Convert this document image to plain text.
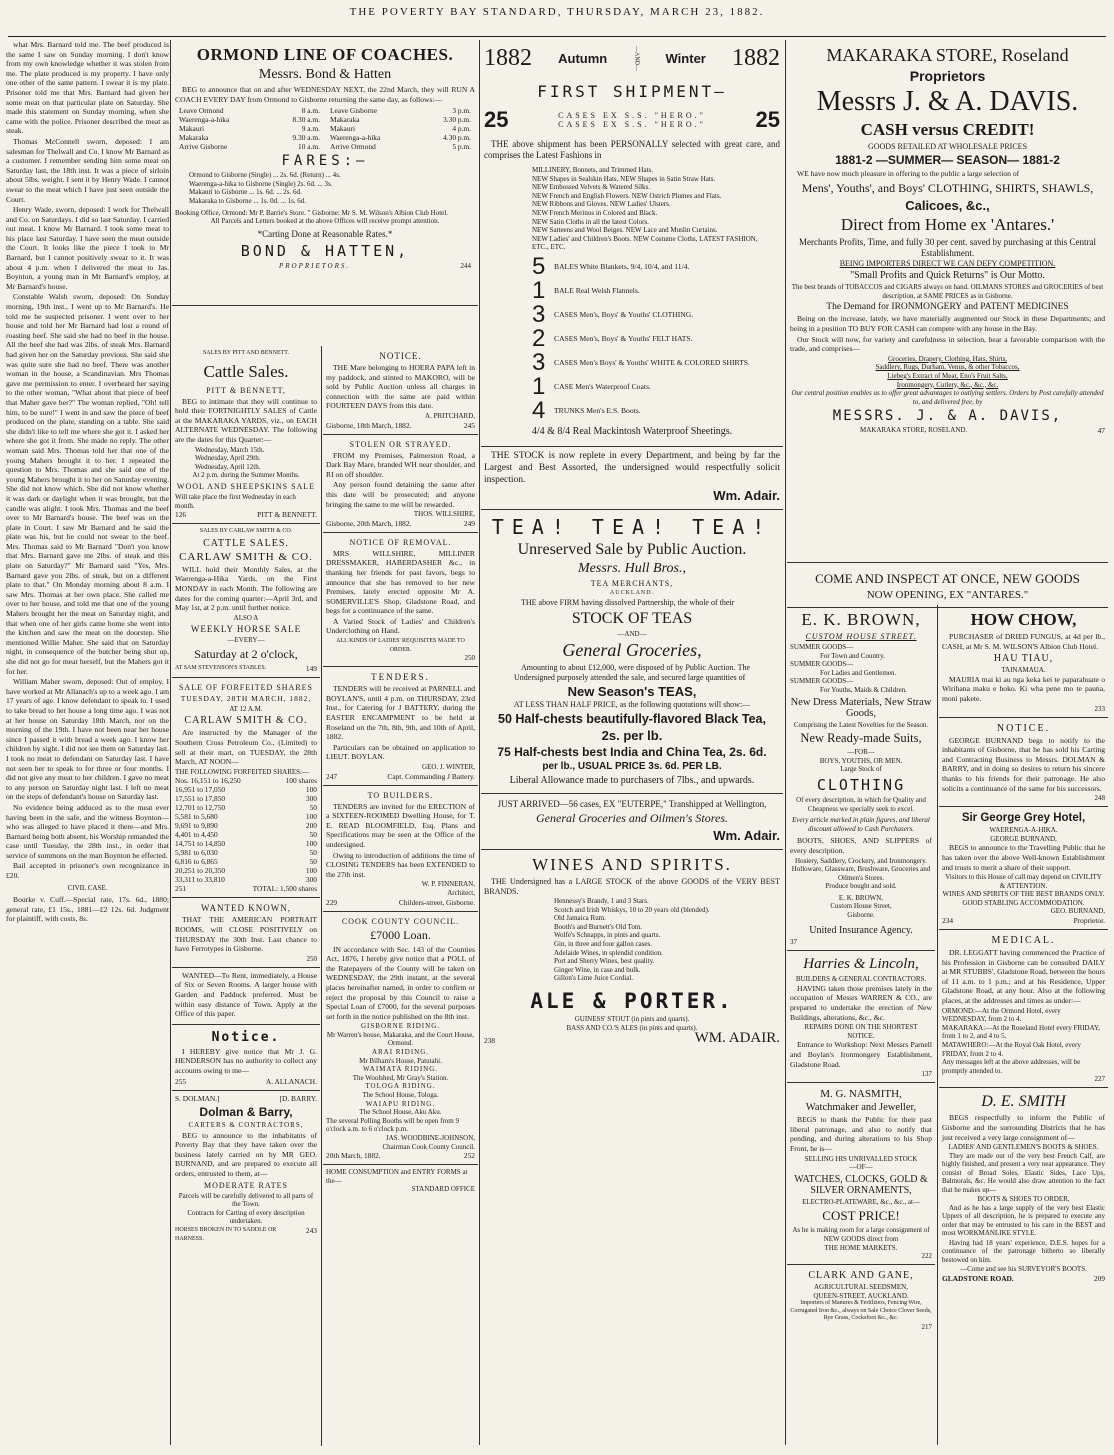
THE POVERTY BAY STANDARD, THURSDAY, MARCH 23, 1882.

what Mrs. Barnard told me. The beef produced is the same I saw on Sunday morning. I don't know from my own knowledge whether it was stolen from me. The plate produced is my property. I have only one other of the same pattern. I swear it is my plate. Prisoner told me that Mrs. Barnard had given her some meat on that particular plate on Saturday. She made this statement on Sunday morning, when she came with the police. Prisoner described the meat as steak.

Thomas McConnell sworn, deposed: I am salesman for Thelwall and Co. I know Mr Barnard as a customer. I remember sending him some meat on Saturday last, the 18th inst. It was a piece of sirloin about 5lbs. weight. I sent it by Henry Wade. I cannot swear to the meat which I have just seen outside the Court.

Henry Wade, sworn, deposed: I work for Thelwall and Co. on Saturdays. I did so last Saturday. I carried out meat. I know Mr Barnard. I took some meat to his place last Saturday. I have seen the meat outside the Court. It looks like the piece I took to Mr Barnard, but I cannot positively swear to it. It was about 4 p.m. when I delivered the meat to Jas. Boynton, a young man in Mr Barnard's employ, at Mr Barnard's house.

Constable Walsh sworn, deposed: On Sunday morning, 19th inst., I went up to Mr Barnard's. He told me he suspected prisoner. I went over to her house and told her Mr Barnard had lost a round of roasting beef. She said she had no beef in the house. All the beef she had was 2lbs. of steak Mrs. Barnard had given her on the Saturday previous. She said she was quite sure she had no beef. There was another woman in the house, a Scandinavian. Mrs Thomas gave me permission to enter. I overheard her saying to the other woman, "What about that piece of beef that Maher gave her?" The woman replied, "Oh! tell him, to be sure!" I went in and saw the piece of beef produced on the plate, standing on a table. She said she didn't like to tell me where she got it. I asked her where she got it from. She made no reply. The other woman said Mrs. Thomas told her that one of the young Mahers brought it to her. I repeated the question to Mrs. Thomas and she said one of the young Mahers brought it to her on Saturday evening. She did not know which. She did not know whether it was dark or daylight when it was brought, but the candle was alight. I took Mrs. Thomas and the beef over to Mr Barnard's house. The beef was on the plate in Court. I saw Mr Barnard and he said the plate was his, but he could not swear to the beef. Mrs. Thomas said to Mr Barnard "Don't you know that Mrs. Barnard gave me 2lbs. of steak and this plate on Saturday?" Mr Barnard said "Yes, Mrs. Barnard gave you 2lbs. of steak, but on a different plate to that." On Monday morning about 8 a.m. I saw Mrs. Thomas at her own place. She called me over to her house, and told me that one of the young Mahers brought her the meat on Saturday night, and that when one of her girls came home she went into the kitchen and saw the meat on the doorstep. She mentioned Willie Maher. She said that on Saturday night, in consequence of the butcher being shut up, she did not go for meat herself, but the Mahers got it for her.

William Maher sworn, deposed: Out of employ. I have worked at Mr Allanach's up to a week ago. I am 17 years of age. I know defendant to speak to. I used to take bread to her house a long time ago. I was not at her house on Saturday 18th March, nor on the morning of the 19th. I have not been near her house since I passed it with bread a week ago. I know her children by sight. I did not see them on Saturday last. I took no meat to defendant on Saturday last. I have not seen her to speak to for three or four months. I did not give any meat to her children. I gave no meat to any person on Saturday night last. I left no meat on the steps of defendant's house on Saturday last.

No evidence being adduced as to the meat ever having been in the safe, and the witness Boynton—who was alleged to have placed it there—and Mrs. Barnard being both absent, his Worship remanded the case until Tuesday, the 28th inst., in order that service of summons on the man Boynton be effected.

Bail accepted in prisoner's own recognizance in £20.

CIVIL CASE.

Bourke v. Cuff.—Special rate, 17s. 6d., 1880; general rate, £1 15s., 1881—£2 12s. 6d. Judgment for plaintiff, with costs, 8s.

ORMOND LINE OF COACHES.
Messrs. Bond & Hatten

BEG to announce that on and after WEDNESDAY NEXT, the 22nd March, they will RUN A COACH EVERY DAY from Ormond to Gisborne returning the same day, as follows:—

Leave Ormond	8 a.m.
Waerenga-a-hika	8.30 a.m.
Makauri	9 a.m.
Makaraka	9.30 a.m.
Arrive Gisborne	10 a.m.
Leave Gisborne	3 p.m.
Makaraka	3.30 p.m.
Makauri	4 p.m.
Waerenga-a-hika	4.30 p.m.
Arrive Ormond	5 p.m.
FARES:—

Ormond to Gisborne (Single) ... 2s. 6d. (Return) ... 4s.

Waerenga-a-hika to Gisborne (Single) 2s. 6d. ... 3s.

Makauri to Gisborne ... 1s. 6d. ... 2s. 6d.

Makaraka to Gisborne ... 1s. 0d. ... 1s. 6d.

Booking Office, Ormond: Mr P. Barrie's Store. " Gisborne: Mr S. M. Wilson's Albion Club Hotel.

All Parcels and Letters booked at the above Offices will receive prompt attention.

*Carting Done at Reasonable Rates.*

BOND & HATTEN,
PROPRIETORS.	244

SALES BY PITT AND BENNETT.

Cattle Sales.
PITT & BENNETT,

BEG to intimate that they will continue to hold their FORTNIGHTLY SALES of Cattle at the MAKARAKA YARDS, viz., on EACH ALTERNATE WEDNESDAY. The following are the dates for this Quarter:—

Wednesday, March 15th.

Wednesday, April 29th.

Wednesday, April 12th.

At 2 p.m. during the Summer Months.

WOOL AND SHEEPSKINS SALE

Will take place the first Wednesday in each month.

126	PITT & BENNETT.

SALES BY CARLAW SMITH & CO.

CATTLE SALES.
CARLAW SMITH & CO.

WILL hold their Monthly Sales, at the Waerenga-a-Hika Yards, on the First MONDAY in each Month. The following are dates for the coming quarter:—April 3rd, and May 1st, at 2 p.m. until further notice.

ALSO A

WEEKLY HORSE SALE

—EVERY—

Saturday at 2 o'clock,
AT SAM STEVENSON'S STABLES.	149
SALE OF FORFEITED SHARES
TUESDAY, 28TH MARCH, 1882,

AT 12 A.M.

CARLAW SMITH & CO.

Are instructed by the Manager of the Southern Cross Petroleum Co., (Limited) to sell at their mart, on TUESDAY, the 28th March, AT NOON—

THE FOLLOWING FORFEITED SHARES:—

Nos. 16,151 to 16,250	100 shares
16,951 to 17,050	100
17,551 to 17,850	300
12,701 to 12,750	50
5,581 to 5,680	100
9,691 to 9,890	200
4,401 to 4,450	50
14,751 to 14,850	100
5,981 to 6,030	50
6,816 to 6,865	50
20,251 to 20,350	100
33,311 to 33,810	300
251	TOTAL: 1,500 shares
WANTED KNOWN,

THAT THE AMERICAN PORTRAIT ROOMS, will CLOSE POSITIVELY on THURSDAY the 30th Inst. Last chance to have Ferrotypes in Gisborne.

250

WANTED—To Rent, immediately, a House of Six or Seven Rooms. A larger house with Garden and Paddock preferred. Must be within easy distance of Town. Apply at the Office of this paper.

Notice.

I HEREBY give notice that Mr J. G. HENDERSON has no authority to collect any accounts owing to me—

255	A. ALLANACH.
S. DOLMAN.]	[D. BARRY.
Dolman & Barry,
CARTERS & CONTRACTORS,

BEG to announce to the inhabitants of Poverty Bay that they have taken over the business lately carried on by MR GEO. BURNAND, and are prepared to execute all orders, entrusted to them, at—

MODERATE RATES

Parcels will be carefully delivered to all parts of the Town.

Contracts for Carting of every description undertaken.

HORSES BROKEN IN TO SADDLE OR HARNESS.
243
NOTICE.

THE Mare belonging to HOERA PAPA left in my paddock, and stinted to MAKORO, will be sold by Public Auction unless all charges in connection with the same are paid within FOURTEEN DAYS from this date.

A. PRITCHARD,

Gisborne, 18th March, 1882.	245
STOLEN OR STRAYED.

FROM my Premises, Palmerston Road, a Dark Bay Mare, branded WH near shoulder, and RI on off shoulder.

Any person found detaining the same after this date will be prosecuted; and anyone bringing the same to me will be rewarded.

THOS. WILLSHIRE,

Gisborne, 20th March, 1882.	249
NOTICE OF REMOVAL.

MRS WILLSHIRE, MILLINER DRESSMAKER, HABERDASHER &c., in thanking her friends for past favors, begs to announce that she has removed to her new Premises, lately erected opposite Mr A. SOMERVILLE'S Shop, Gladstone Road, and begs for a continuance of the same.

A Varied Stock of Ladies' and Children's Underclothing on Hand.

ALL KINDS OF LADIES' REQUISITES MADE TO ORDER.

250

TENDERS.

TENDERS will be received at PARNELL and BOYLAN'S, until 4 p.m. on THURSDAY, 23rd Inst., for Catering for J BATTERY, during the EASTER ENCAMPMENT to be held at Roseland on the 7th, 8th, 9th, and 10th of April, 1882.

Particulars can be obtained on application to LIEUT. BOYLAN.

GEO. J. WINTER,

247	Capt. Commanding J Battery.
TO BUILDERS.

TENDERS are invited for the ERECTION of a SIXTEEN-ROOMED Dwelling House, for T. E. READ BLOOMFIELD, Esq. Plans and Specifications may be seen at the Office of the undersigned.

Owing to introduction of additions the time of CLOSING TENDERS has been EXTENDED to the 27th inst.

W. P. FINNERAN,

Architect,

229	Childers-street, Gisborne.
COOK COUNTY COUNCIL.
£7000 Loan.

IN accordance with Sec. 143 of the Counties Act, 1876, I hereby give notice that a POLL of the Ratepayers of the County will be taken on WEDNESDAY, the 29th instant, at the several places hereinafter named, in order to confirm or reject the proposal by this Council to raise a Special Loan of £7000, for the several purposes set forth in the notice published on the 8th inst.

GISBORNE RIDING.

Mr Warren's house, Makaraka, and the Court House, Ormond.

ARAI RIDING.

Mr Bilham's House, Patutahi.

WAIMATA RIDING.

The Woolshed, Mr Gray's Station.

TOLOGA RIDING.

The School House, Tologa.

WAIAPU RIDING.

The School House, Aku Aku.

The several Polling Booths will be open from 9 o'clock a.m. to 6 o'clock p.m.

JAS. WOODBINE-JOHNSON,

Chairman Cook County Council.

20th March, 1882.	252

HOME CONSUMPTION and ENTRY FORMS at the—

STANDARD OFFICE

1882 Autumn	—AND— Winter 1882
FIRST SHIPMENT—
25	CASES EX S.S. "HERO."
CASES EX S.S. "HERO." 25

THE above shipment has been PERSONALLY selected with great care, and comprises the Latest Fashions in

MILLINERY, Bonnets, and Trimmed Hats.

NEW Shapes in Sealskin Hats. NEW Shapes in Satin Straw Hats.

NEW Embossed Velvets & Watered Silks.

NEW French and English Flowers. NEW Ostrich Plumes and Flats.

NEW Ribbons and Gloves. NEW Ladies' Ulsters.

NEW French Merinos in Colored and Black.

NEW Satin Cloths in all the latest Colors.

NEW Satteens and Wool Beiges. NEW Lace and Muslin Curtains.

NEW Ladies' and Children's Boots. NEW Costume Cloths, LATEST FASHION, ETC., ETC.

5	BALES White Blankets, 9/4, 10/4, and 11/4.
1	BALE Real Welsh Flannels.
3	CASES Men's, Boys' & Youths' CLOTHING.
2	CASES Men's, Boys' & Youths' FELT HATS.
3	CASES Men's Boys' & Youths' WHITE & COLORED SHIRTS.
1	CASE Men's Waterproof Coats.
4	TRUNKS Men's E.S. Boots.

4/4 & 8/4 Real Mackintosh Waterproof Sheetings.

THE STOCK is now replete in every Department, and being by far the Largest and Best Assorted, the undersigned would respectfully solicit inspection.

Wm. Adair.

TEA! TEA! TEA!
Unreserved Sale by Public Auction.
Messrs. Hull Bros.,
TEA MERCHANTS,
AUCKLAND.

THE above FIRM having dissolved Partnership, the whole of their

STOCK OF TEAS

—AND—

General Groceries,

Amounting to about £12,000, were disposed of by Public Auction. The Undersigned purposely attended the sale, and secured large quantities of

New Season's TEAS,

AT LESS THAN HALF PRICE, as the following quotations will show:—

50 Half-chests beautifully-flavored Black Tea,
2s. per lb.
75 Half-chests best India and China Tea, 2s. 6d.
per lb., USUAL PRICE 3s. 6d. PER LB.

Liberal Allowance made to purchasers of 7lbs., and upwards.

JUST ARRIVED—56 cases, EX "EUTERPE," Transhipped at Wellington,

General Groceries and Oilmen's Stores.

Wm. Adair.

WINES AND SPIRITS.

THE Undersigned has a LARGE STOCK of the above GOODS of the VERY BEST BRANDS.

Hennessy's Brandy, 1 and 3 Stars.

Scotch and Irish Whiskys, 10 to 20 years old (blended).

Old Jamaica Rum.

Booth's and Burnett's Old Tom.

Wolfe's Schnapps, in pints and quarts.

Gin, in three and four gallon cases.

Adelaide Wines, in splendid condition.

Port and Sherry Wines, best quality.

Ginger Wine, in case and bulk.

Gillon's Lime Juice Cordial.

ALE & PORTER.

GUINESS' STOUT (in pints and quarts).

BASS AND CO.'S ALES (in pints and quarts).

238	WM. ADAIR.
MAKARAKA STORE, Roseland
Proprietors
Messrs J. & A. DAVIS.
CASH versus CREDIT!

GOODS RETAILED AT WHOLESALE PRICES

1881-2 —SUMMER— SEASON— 1881-2

WE have now much pleasure in offering to the public a large selection of

Mens', Youths', and Boys' CLOTHING, SHIRTS, SHAWLS,
Calicoes, &c.,
Direct from Home ex 'Antares.'

Merchants Profits, Time, and fully 30 per cent. saved by purchasing at this Central Establishment.

BEING IMPORTERS DIRECT WE CAN DEFY COMPETITION.

"Small Profits and Quick Returns" is Our Motto.

The best brands of TOBACCOS and CIGARS always on hand. OILMANS STORES and GROCERIES of best description, at SAME PRICES as in Gisborne.

The Demand for IRONMONGERY and PATENT MEDICINES

Being on the increase, lately, we have materially augmented our Stock in these Departments; and being in a position TO BUY FOR CASH can compete with any house in the Bay.

Our Stock will now, for variety and carefulness in selection, bear a favorable comparison with the trade, and comprises—

Groceries, Drapery, Clothing, Hats, Shirts,

Saddlery, Rugs, Durham, Venus, & other Tobaccos,

Liebeg's Extract of Meat, Eno's Fruit Salts,

Ironmongery, Cutlery, &c., &c., &c.

Our central position enables us to offer great advantages to outlying settlers. Orders by Post carefully attended to, and delivered free, by

MESSRS. J. & A. DAVIS,
MAKARAKA STORE, ROSELAND.	47
COME AND INSPECT AT ONCE, NEW GOODS
NOW OPENING, EX "ANTARES."
E. K. BROWN,
CUSTOM HOUSE STREET.

SUMMER GOODS—

For Town and Country.

SUMMER GOODS—

For Ladies and Gentlemen.

SUMMER GOODS—

For Youths, Maids & Children.

New Dress Materials, New Straw Goods,

Comprising the Latest Novelties for the Season.

New Ready-made Suits,

—FOR—

BOYS, YOUTHS, OR MEN.

Large Stock of

CLOTHING

Of every description, in which for Quality and Cheapness we specially seek to excel.

Every article marked in plain figures, and liberal discount allowed to Cash Purchasers.

BOOTS, SHOES, AND SLIPPERS of every description.

Hosiery, Saddlery, Crockery, and Ironmongery.

Holloware, Glassware, Brushware, Groceries and Oilmen's Stores.

Produce bought and sold.

E. K. BROWN,

Custom House Street,

Gisborne.

United Insurance Agency.

37

Harries & Lincoln,

BUILDERS & GENERAL CONTRACTORS.

HAVING taken those premises lately in the occupation of Messrs WARREN & CO., are prepared to undertake the erection of New Buildings, alterations, &c., &c.

REPAIRS DONE ON THE SHORTEST NOTICE.

Entrance to Workshop: Next Messrs Parnell and Boylan's Ironmongery Establishment, Gladstone Road.

137

M. G. NASMITH,
Watchmaker and Jeweller,

BEGS to thank the Public for their past liberal patronage, and also to notify that pending, and during alterations to his Shop Front, he is—

SELLING HIS UNRIVALLED STOCK

—OF—

WATCHES, CLOCKS, GOLD & SILVER ORNAMENTS,

ELECTRO-PLATEWARE, &c., &c., at—

COST PRICE!

As he is making room for a large consignment of NEW GOODS direct from

THE HOME MARKETS.

222

CLARK AND GANE,

AGRICULTURAL SEEDSMEN,

QUEEN-STREET, AUCKLAND.

Importers of Manures & Fertilizers, Fencing Wire, Corrugated Iron &c., always on Sale Choice Clover Seeds, Rye Grass, Cocksfoot &c., &c.

217

HOW CHOW,

PURCHASER of DRIED FUNGUS, at 4d per lb., CASH, at Mr S. M. WILSON'S Albion Club Hotel.

HAU TIAU,

TAINAMAUA.

MAURIA mai ki au nga keka kei te paparahuate o Wirihana maku e hoko. Ki wha pene mo te pauna, moni pakete.

233

NOTICE.

GEORGE BURNAND begs to notify to the inhabitants of Gisborne, that he has sold his Carting and Contracting Business to Messrs. DOLMAN & BARRY, and in doing so desires to return his sincere thanks to his friends for their patronage. He also solicits a continuance of the same for his successors.

248

Sir George Grey Hotel,

WAERENGA-A-HIKA.

GEORGE BURNAND,

BEGS to announce to the Travelling Public that he has taken over the above Well-known Establishment and trusts to merit a share of their support.

Visitors to this House of call may depend on CIVILITY & ATTENTION.

WINES AND SPIRITS OF THE BEST BRANDS ONLY.

GOOD STABLING ACCOMMODATION.

GEO. BURNAND,

234	Proprietor.
MEDICAL.

DR. LEGGATT having commenced the Practice of his Profession in Gisborne can be consulted DAILY at MR STUBBS', Gladstone Road, between the hours of 11 a.m. to 1 p.m.; and at his Residence, Upper Gladstone Road, at any hour. Also at the following places, at the addresses and times as under:—

ORMOND:—At the Ormond Hotel, every WEDNESDAY, from 2 to 4.

MAKARAKA:—At the Roseland Hotel every FRIDAY, from 1 to 2, and 4 to 5.

MATAWHERO:—At the Royal Oak Hotel, every FRIDAY, from 2 to 4.

Any messages left at the above addresses, will be promptly attended to.

227

D. E. SMITH

BEGS respectfully to inform the Public of Gisborne and the surrounding Districts that he has just received a very large consignment of—

LADIES' AND GENTLEMEN'S BOOTS & SHOES.

They are made out of the very best French Calf, are highly finished, and present a very neat appearance. They consist of Broad Soles, Elastic Sides, Lace Ups, Balmorals, &c. He would also draw attention to the fact that he makes up—

BOOTS & SHOES TO ORDER,

And as he has a large supply of the very best Elastic Uppers of all description, he is prepared to execute any order that may be entrusted to his care in the BEST and most WORKMANLIKE STYLE.

Having had 18 years' experience, D.E.S. hopes for a continuance of the patronage hitherto so liberally bestowed on him.

—Come and see his SURVEYOR'S BOOTS.

GLADSTONE ROAD.	209
